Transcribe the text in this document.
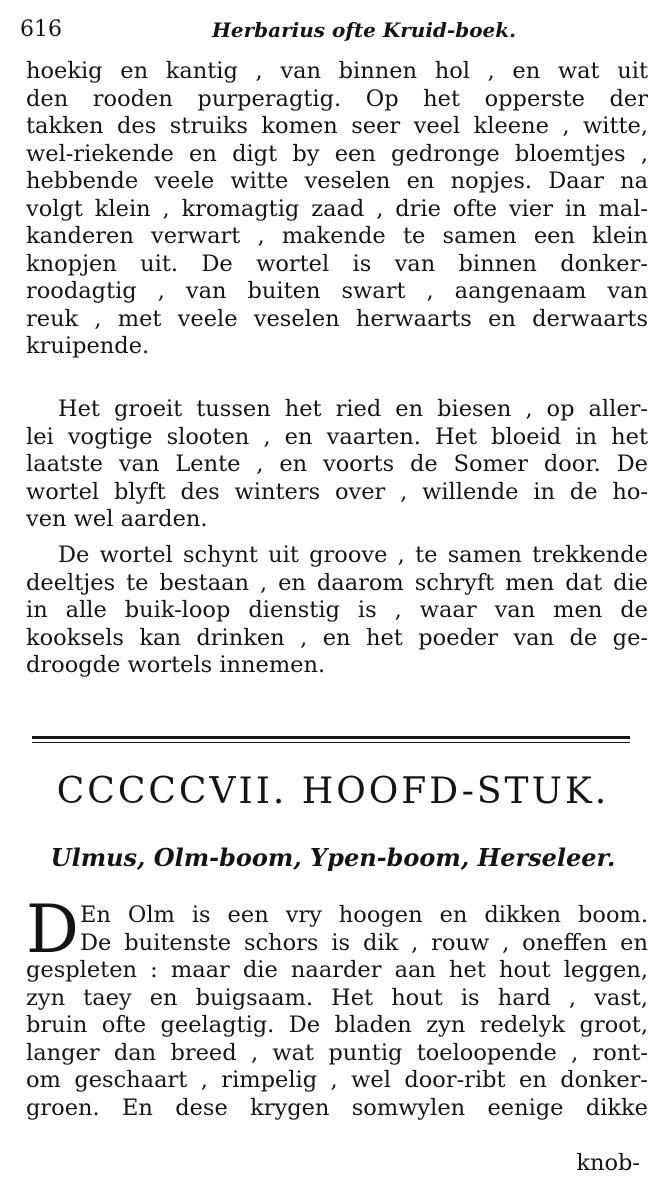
616	Herbarius ofte Kruid-boek.
hoekig en kantig , van binnen hol , en wat uit
den rooden purperagtig. Op het opperste der
takken des struiks komen seer veel kleene , witte,
wel-riekende en digt by een gedronge bloemtjes ,
hebbende veele witte veselen en nopjes. Daar na
volgt klein , kromagtig zaad , drie ofte vier in mal-
kanderen verwart , makende te samen een klein
knopjen uit. De wortel is van binnen donker-
roodagtig , van buiten swart , aangenaam van
reuk , met veele veselen herwaarts en derwaarts
kruipende.
Het groeit tussen het ried en biesen , op aller-
lei vogtige slooten , en vaarten. Het bloeid in het
laatste van Lente , en voorts de Somer door. De
wortel blyft des winters over , willende in de ho-
ven wel aarden.
De wortel schynt uit groove , te samen trekkende
deeltjes te bestaan , en daarom schryft men dat die
in alle buik-loop dienstig is , waar van men de
kooksels kan drinken , en het poeder van de ge-
droogde wortels innemen.
CCCCCVII. HOOFD-STUK.
Ulmus, Olm-boom, Ypen-boom, Herseleer.
D En Olm is een vry hoogen en dikken boom.
De buitenste schors is dik , rouw , oneffen en
gespleten : maar die naarder aan het hout leggen,
zyn taey en buigsaam. Het hout is hard , vast,
bruin ofte geelagtig. De bladen zyn redelyk groot,
langer dan breed , wat puntig toeloopende , ront-
om geschaart , rimpelig , wel door-ribt en donker-
groen. En dese krygen somwylen eenige dikke
knob-
